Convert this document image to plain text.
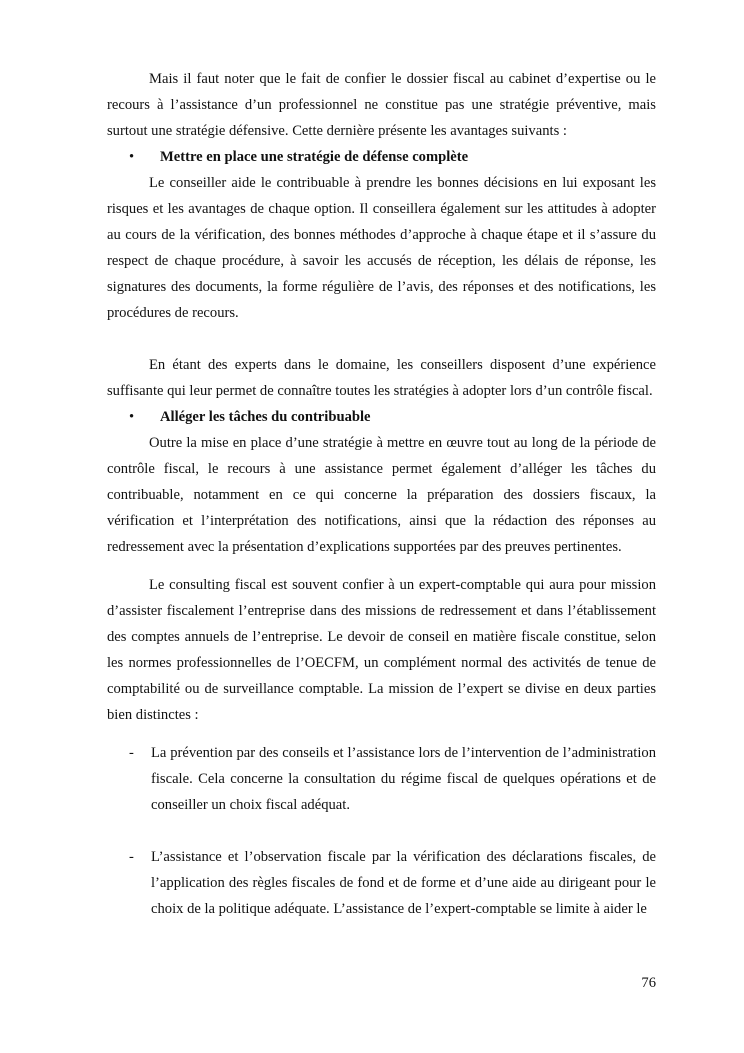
Mais il faut noter que le fait de confier le dossier fiscal au cabinet d’expertise ou le recours à l’assistance d’un professionnel ne constitue pas une stratégie préventive, mais surtout une stratégie défensive. Cette dernière présente les avantages suivants :

• Mettre en place une stratégie de défense complète

Le conseiller aide le contribuable à prendre les bonnes décisions en lui exposant les risques et les avantages de chaque option. Il conseillera également sur les attitudes à adopter au cours de la vérification, des bonnes méthodes d’approche à chaque étape et il s’assure du respect de chaque procédure, à savoir les accusés de réception, les délais de réponse, les signatures des documents, la forme régulière de l’avis, des réponses et des notifications, les procédures de recours.

En étant des experts dans le domaine, les conseillers disposent d’une expérience suffisante qui leur permet de connaître toutes les stratégies à adopter lors d’un contrôle fiscal.

• Alléger les tâches du contribuable

Outre la mise en place d’une stratégie à mettre en œuvre tout au long de la période de contrôle fiscal, le recours à une assistance permet également d’alléger les tâches du contribuable, notamment en ce qui concerne la préparation des dossiers fiscaux, la vérification et l’interprétation des notifications, ainsi que la rédaction des réponses au redressement avec la présentation d’explications supportées par des preuves pertinentes.

Le consulting fiscal est souvent confier à un expert-comptable qui aura pour mission d’assister fiscalement l’entreprise dans des missions de redressement et dans l’établissement des comptes annuels de l’entreprise. Le devoir de conseil en matière fiscale constitue, selon les normes professionnelles de l’OECFM, un complément normal des activités de tenue de comptabilité ou de surveillance comptable. La mission de l’expert se divise en deux parties bien distinctes :

- La prévention par des conseils et l’assistance lors de l’intervention de l’administration fiscale. Cela concerne la consultation du régime fiscal de quelques opérations et de conseiller un choix fiscal adéquat.

- L’assistance et l’observation fiscale par la vérification des déclarations fiscales, de l’application des règles fiscales de fond et de forme et d’une aide au dirigeant pour le choix de la politique adéquate. L’assistance de l’expert-comptable se limite à aider le

76
